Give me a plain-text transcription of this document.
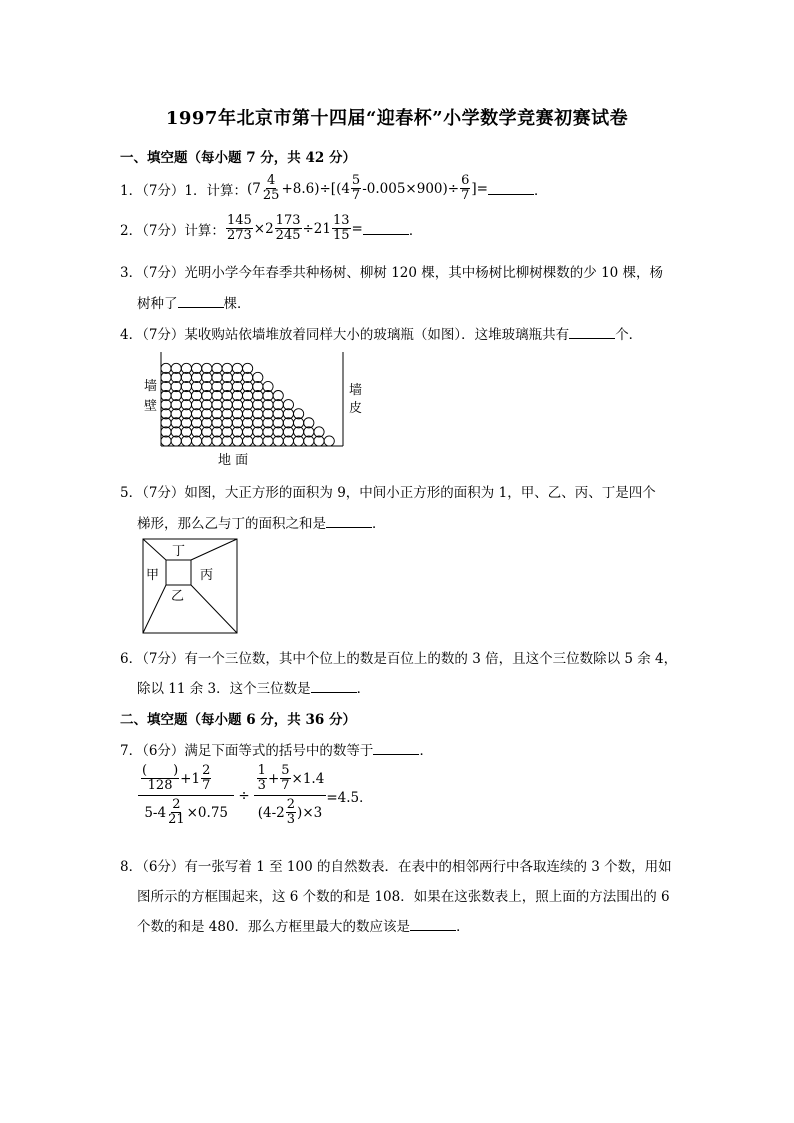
1997年北京市第十四届“迎春杯”小学数学竞赛初赛试卷
一、填空题（每小题 7 分，共 42 分）
1．（7分）1．计算： $(7 \frac{4}{25} +8.6)\div[(4 \frac{5}{7} -0.005\times 900)\div \frac{6}{7}$ ]=	．
2．（7分）计算： $\frac{145}{273} \times 2 \frac{173}{245} \div 21 \frac{13}{15}$ =	．
3．（7分）光明小学今年春季共种杨树、柳树 120 棵，其中杨树比柳树棵数的少 10 棵，杨
树种了	棵．
4．（7分）某收购站依墙堆放着同样大小的玻璃瓶（如图）．这堆玻璃瓶共有	个．
墙
壁
墙
皮
地 面
5．（7分）如图，大正方形的面积为 9，中间小正方形的面积为 1，甲、乙、丙、丁是四个
梯形，那么乙与丁的面积之和是	．
丁
甲	丙
乙
6．（7分）有一个三位数，其中个位上的数是百位上的数的 3 倍，且这个三位数除以 5 余 4，
除以 11 余 3．这个三位数是	．
二、填空题（每小题 6 分，共 36 分）
7．（6分）满足下面等式的括号中的数等于	．
$\frac{\frac{( )}{128} +1 \frac{2}{7}}{5-4 \frac{2}{21} \times 0.75} \div \frac{\frac{1}{3} + \frac{5}{7} \times 1.4}{(4-2 \frac{2}{3} )\times 3} =4.5$．
8．（6分）有一张写着 1 至 100 的自然数表．在表中的相邻两行中各取连续的 3 个数，用如
图所示的方框围起来，这 6 个数的和是 108．如果在这张数表上，照上面的方法围出的 6
个数的和是 480．那么方框里最大的数应该是	．
